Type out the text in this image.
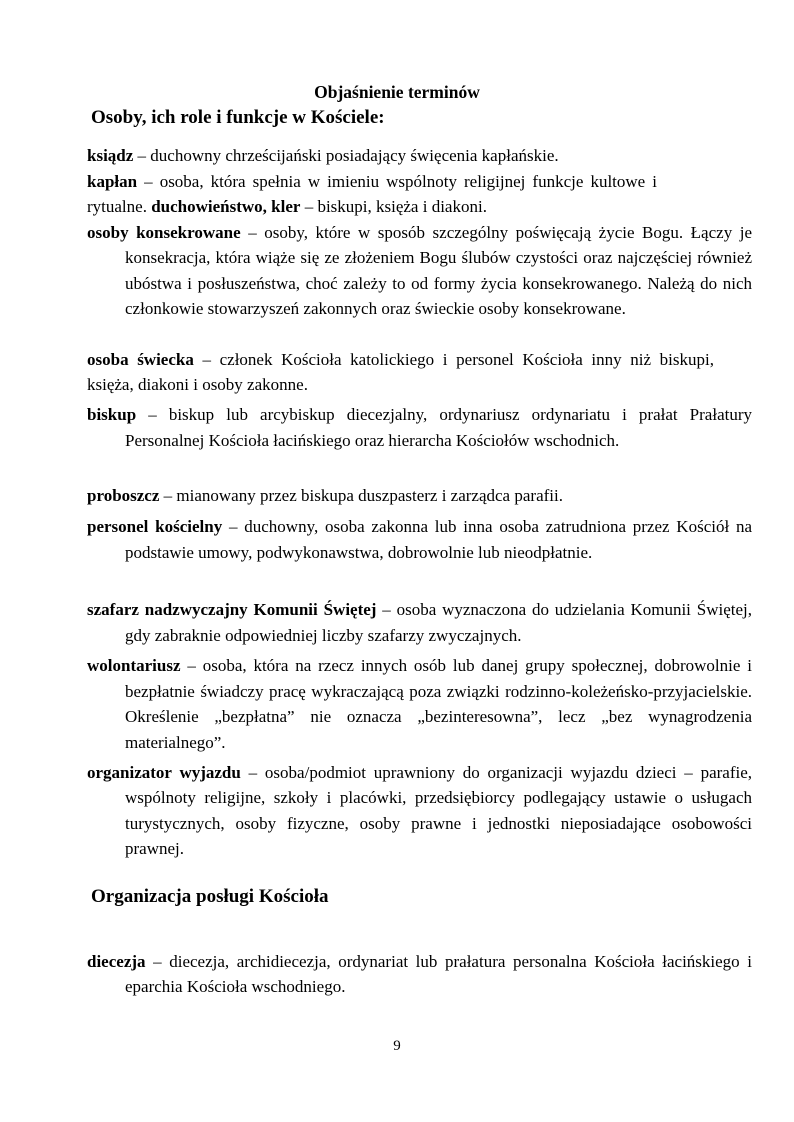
Objaśnienie terminów
Osoby, ich role i funkcje w Kościele:

ksiądz – duchowny chrześcijański posiadający święcenia kapłańskie.

kapłan – osoba, która spełnia w imieniu wspólnoty religijnej funkcje kultowe i rytualne. duchowieństwo, kler – biskupi, księża i diakoni.

osoby konsekrowane – osoby, które w sposób szczególny poświęcają życie Bogu. Łączy je konsekracja, która wiąże się ze złożeniem Bogu ślubów czystości oraz najczęściej również ubóstwa i posłuszeństwa, choć zależy to od formy życia konsekrowanego. Należą do nich członkowie stowarzyszeń zakonnych oraz świeckie osoby konsekrowane.

osoba świecka – członek Kościoła katolickiego i personel Kościoła inny niż biskupi, księża, diakoni i osoby zakonne.

biskup – biskup lub arcybiskup diecezjalny, ordynariusz ordynariatu i prałat Prałatury Personalnej Kościoła łacińskiego oraz hierarcha Kościołów wschodnich.

proboszcz – mianowany przez biskupa duszpasterz i zarządca parafii.

personel kościelny – duchowny, osoba zakonna lub inna osoba zatrudniona przez Kościół na podstawie umowy, podwykonawstwa, dobrowolnie lub nieodpłatnie.

szafarz nadzwyczajny Komunii Świętej – osoba wyznaczona do udzielania Komunii Świętej, gdy zabraknie odpowiedniej liczby szafarzy zwyczajnych.

wolontariusz – osoba, która na rzecz innych osób lub danej grupy społecznej, dobrowolnie i bezpłatnie świadczy pracę wykraczającą poza związki rodzinno-koleżeńsko-przyjacielskie. Określenie „bezpłatna” nie oznacza „bezinteresowna”, lecz „bez wynagrodzenia materialnego”.

organizator wyjazdu – osoba/podmiot uprawniony do organizacji wyjazdu dzieci – parafie, wspólnoty religijne, szkoły i placówki, przedsiębiorcy podlegający ustawie o usługach turystycznych, osoby fizyczne, osoby prawne i jednostki nieposiadające osobowości prawnej.

Organizacja posługi Kościoła

diecezja – diecezja, archidiecezja, ordynariat lub prałatura personalna Kościoła łacińskiego i eparchia Kościoła wschodniego.

9
